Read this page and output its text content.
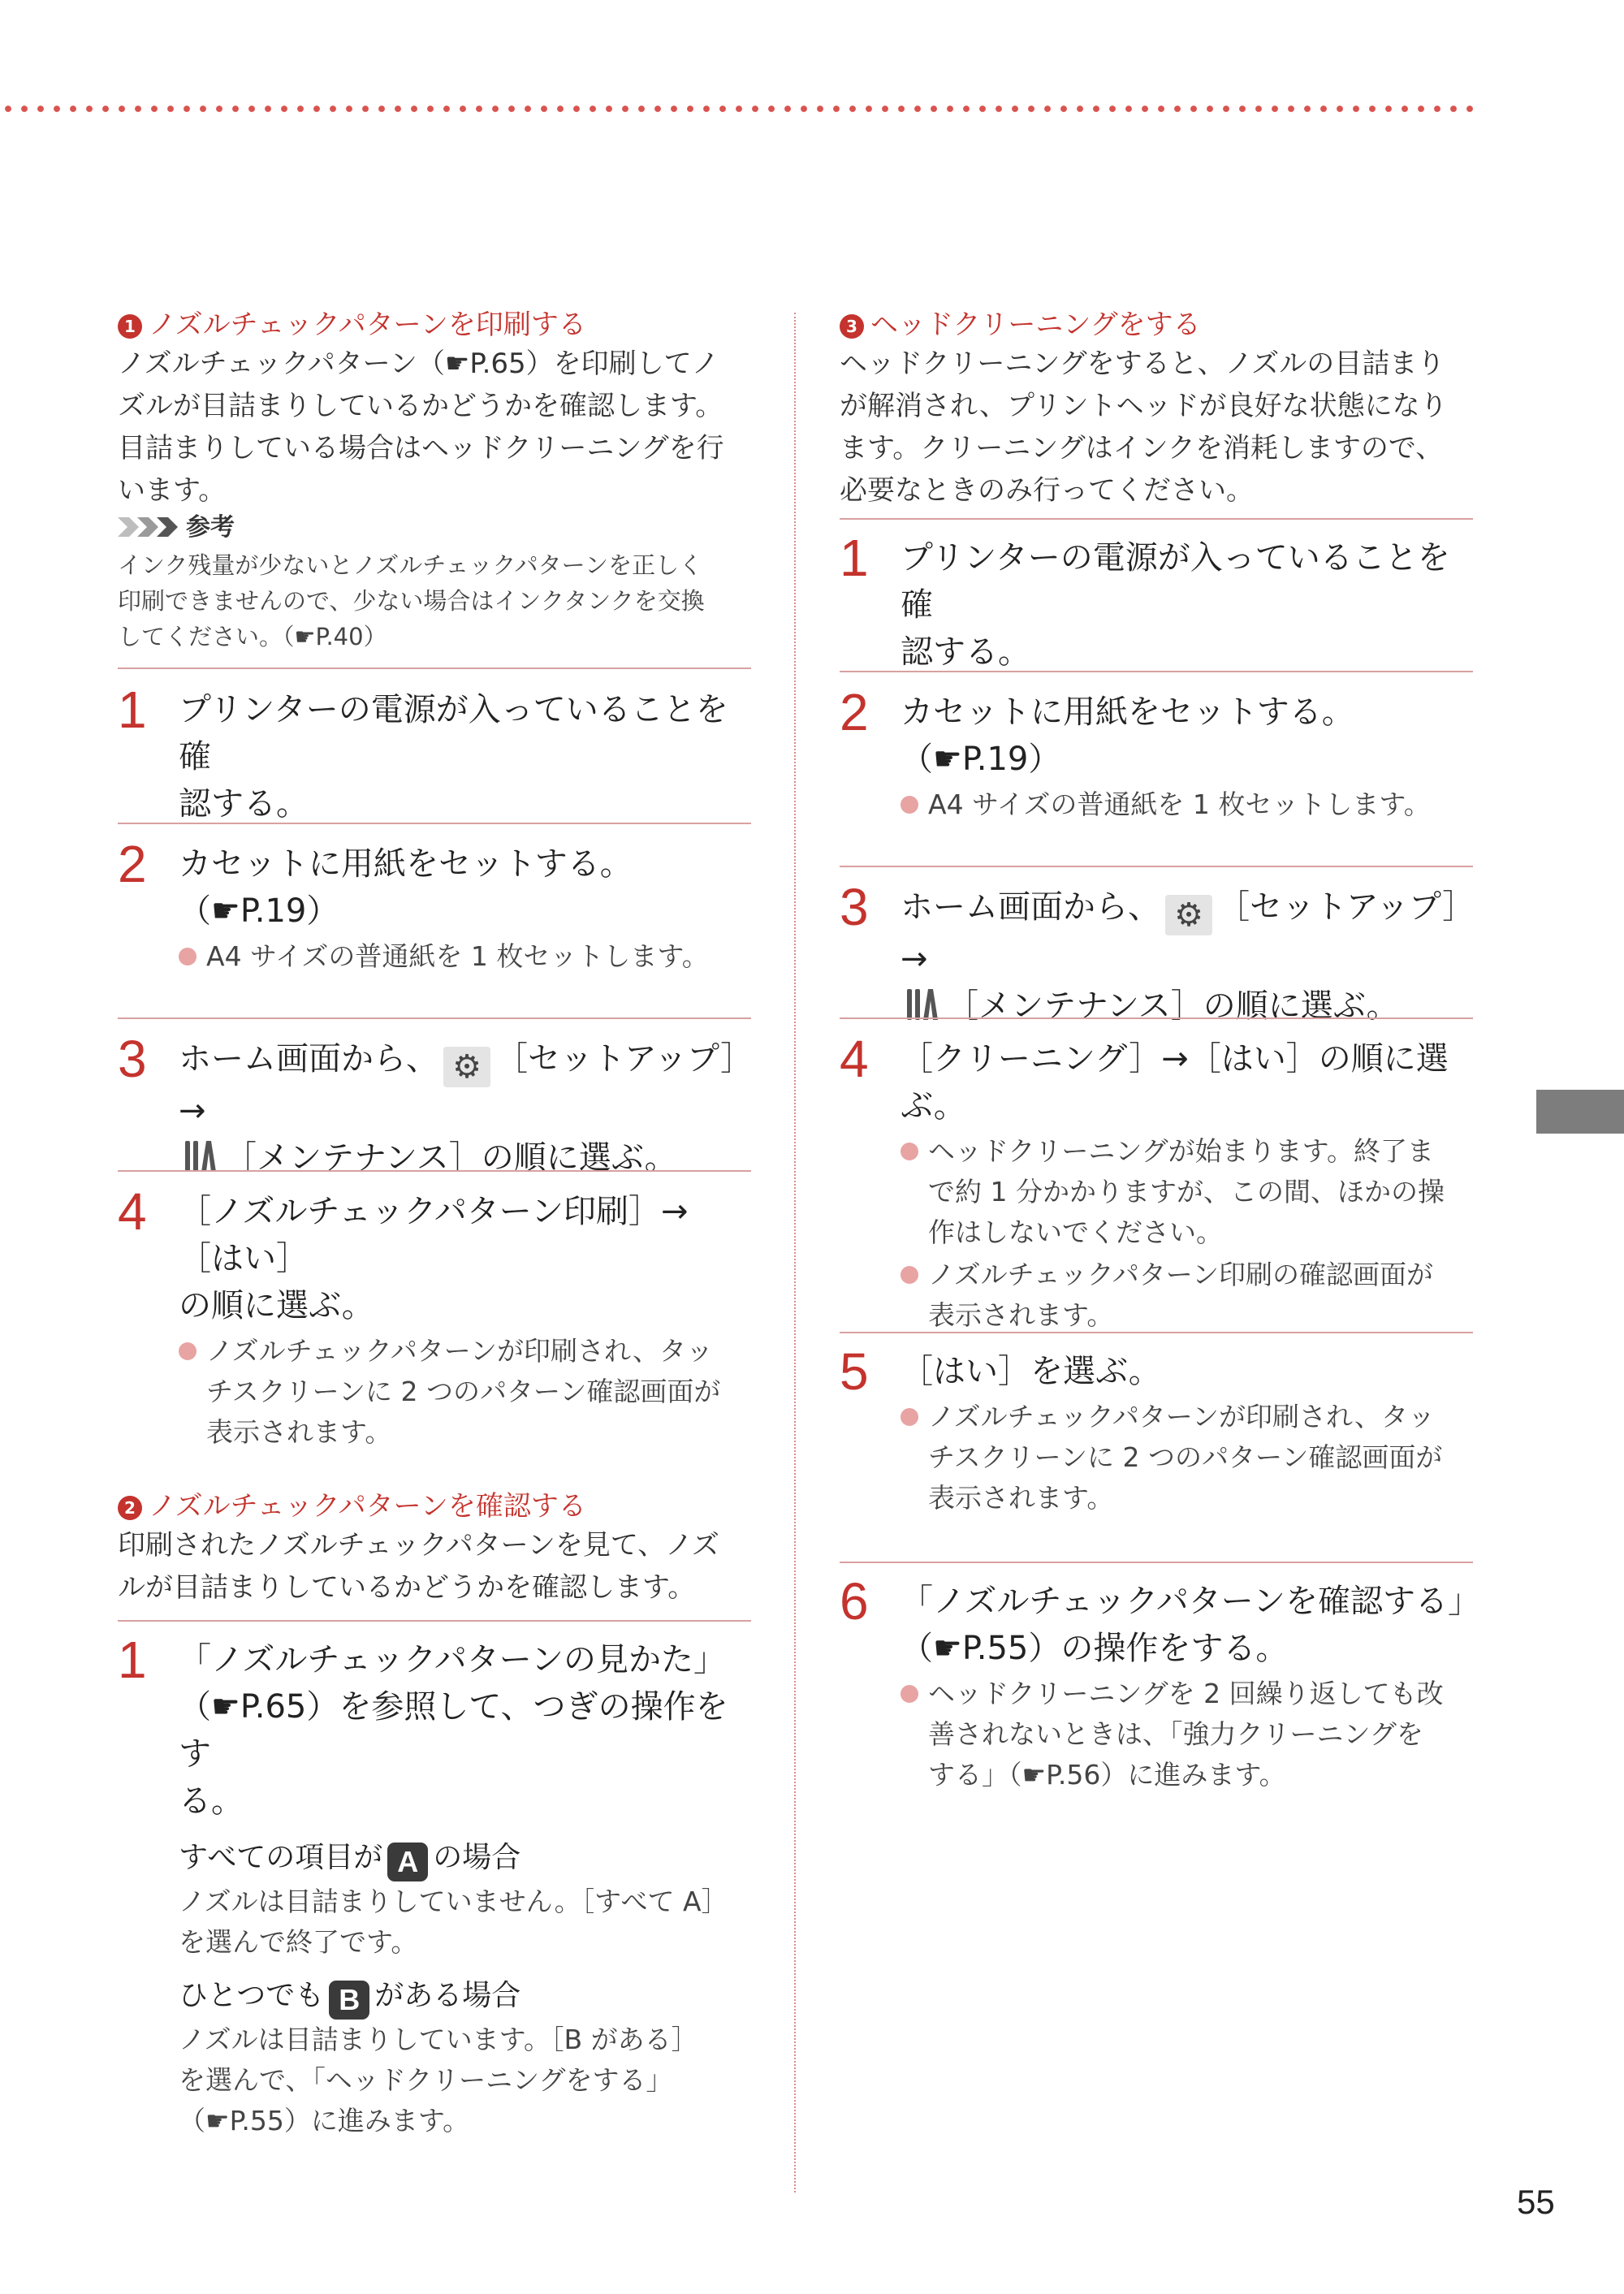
55
1 ノズルチェックパターンを印刷する
ノズルチェックパターン（☛P.65）を印刷してノ
ズルが目詰まりしているかどうかを確認します。
目詰まりしている場合はヘッドクリーニングを行
います。
参考
インク残量が少ないとノズルチェックパターンを正しく
印刷できませんので、少ない場合はインクタンクを交換
してください。（☛P.40）
1 プリンターの電源が入っていることを確
認する。
2 カセットに用紙をセットする。
（☛P.19）
A4 サイズの普通紙を 1 枚セットします。
3 ホーム画面から、 ⚙ ［セットアップ］→
［メンテナンス］の順に選ぶ。
4 ［ノズルチェックパターン印刷］→［はい］
の順に選ぶ。
ノズルチェックパターンが印刷され、タッ
チスクリーンに 2 つのパターン確認画面が
表示されます。
2 ノズルチェックパターンを確認する
印刷されたノズルチェックパターンを見て、ノズ
ルが目詰まりしているかどうかを確認します。
1 「ノズルチェックパターンの見かた」
（☛P.65）を参照して、つぎの操作をす
る。
すべての項目が A の場合
ノズルは目詰まりしていません。［すべて A］
を選んで終了です。
ひとつでも B がある場合
ノズルは目詰まりしています。［B がある］
を選んで、「ヘッドクリーニングをする」
（☛P.55）に進みます。
3 ヘッドクリーニングをする
ヘッドクリーニングをすると、ノズルの目詰まり
が解消され、プリントヘッドが良好な状態になり
ます。クリーニングはインクを消耗しますので、
必要なときのみ行ってください。
1 プリンターの電源が入っていることを確
認する。
2 カセットに用紙をセットする。
（☛P.19）
A4 サイズの普通紙を 1 枚セットします。
3 ホーム画面から、 ⚙ ［セットアップ］→
［メンテナンス］の順に選ぶ。
4 ［クリーニング］→［はい］の順に選ぶ。
ヘッドクリーニングが始まります。終了ま
で約 1 分かかりますが、この間、ほかの操
作はしないでください。
ノズルチェックパターン印刷の確認画面が
表示されます。
5 ［はい］を選ぶ。
ノズルチェックパターンが印刷され、タッ
チスクリーンに 2 つのパターン確認画面が
表示されます。
6 「ノズルチェックパターンを確認する」
（☛P.55）の操作をする。
ヘッドクリーニングを 2 回繰り返しても改
善されないときは、「強力クリーニングを
する」（☛P.56）に進みます。
